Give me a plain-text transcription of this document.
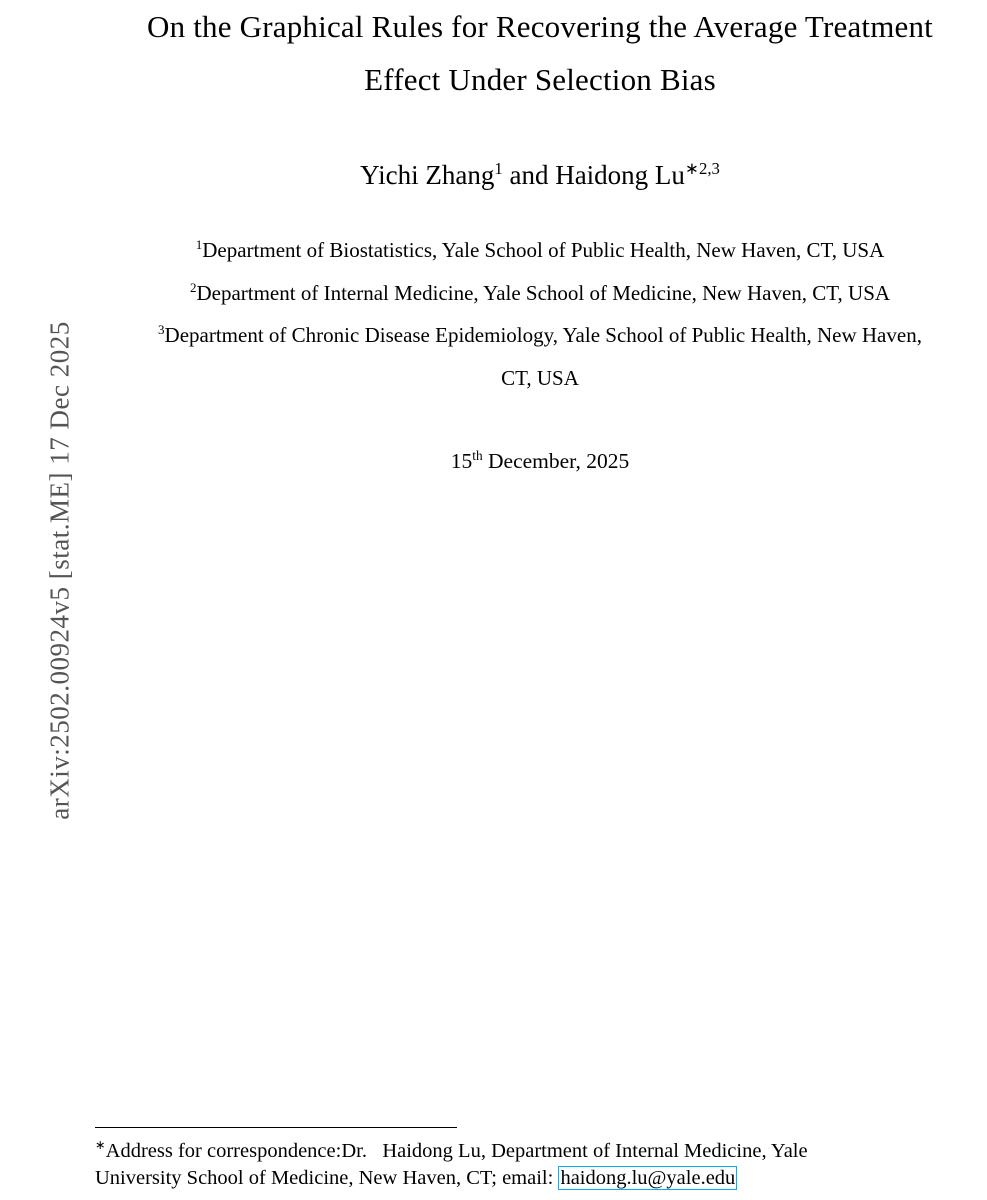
arXiv:2502.00924v5 [stat.ME] 17 Dec 2025
On the Graphical Rules for Recovering the Average Treatment
Effect Under Selection Bias
Yichi Zhang$^1$ and Haidong $Lu^{∗2,3}$
$^1$Department of Biostatistics, Yale School of Public Health, New Haven, CT, USA
$^2$Department of Internal Medicine, Yale School of Medicine, New Haven, CT, USA
$^3$Department of Chronic Disease Epidemiology, Yale School of Public Health, New Haven,
CT, USA
15th December, 2025
∗Address for correspondence:Dr.   Haidong Lu, Department of Internal Medicine, Yale
University School of Medicine, New Haven, CT; email: haidong.lu@yale.edu
